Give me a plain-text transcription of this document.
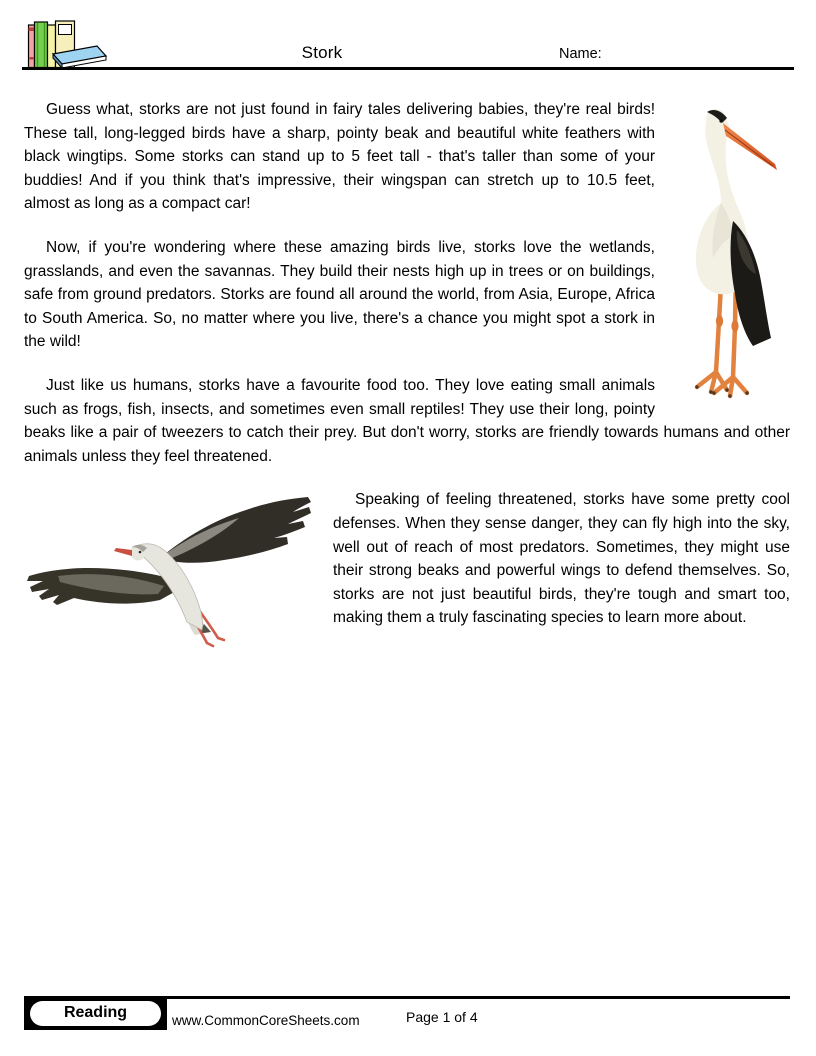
Stork	Name:

Guess what, storks are not just found in fairy tales delivering babies, they're real birds! These tall, long-legged birds have a sharp, pointy beak and beautiful white feathers with black wingtips. Some storks can stand up to 5 feet tall - that's taller than some of your buddies! And if you think that's impressive, their wingspan can stretch up to 10.5 feet, almost as long as a compact car!

Now, if you're wondering where these amazing birds live, storks love the wetlands, grasslands, and even the savannas. They build their nests high up in trees or on buildings, safe from ground predators. Storks are found all around the world, from Asia, Europe, Africa to South America. So, no matter where you live, there's a chance you might spot a stork in the wild!

Just like us humans, storks have a favourite food too. They love eating small animals such as frogs, fish, insects, and sometimes even small reptiles! They use their long, pointy beaks like a pair of tweezers to catch their prey. But don't worry, storks are friendly towards humans and other animals unless they feel threatened.

Speaking of feeling threatened, storks have some pretty cool defenses. When they sense danger, they can fly high into the sky, well out of reach of most predators. Sometimes, they might use their strong beaks and powerful wings to defend themselves. So, storks are not just beautiful birds, they're tough and smart too, making them a truly fascinating species to learn more about.

Reading	www.CommonCoreSheets.com	Page 1 of 4
